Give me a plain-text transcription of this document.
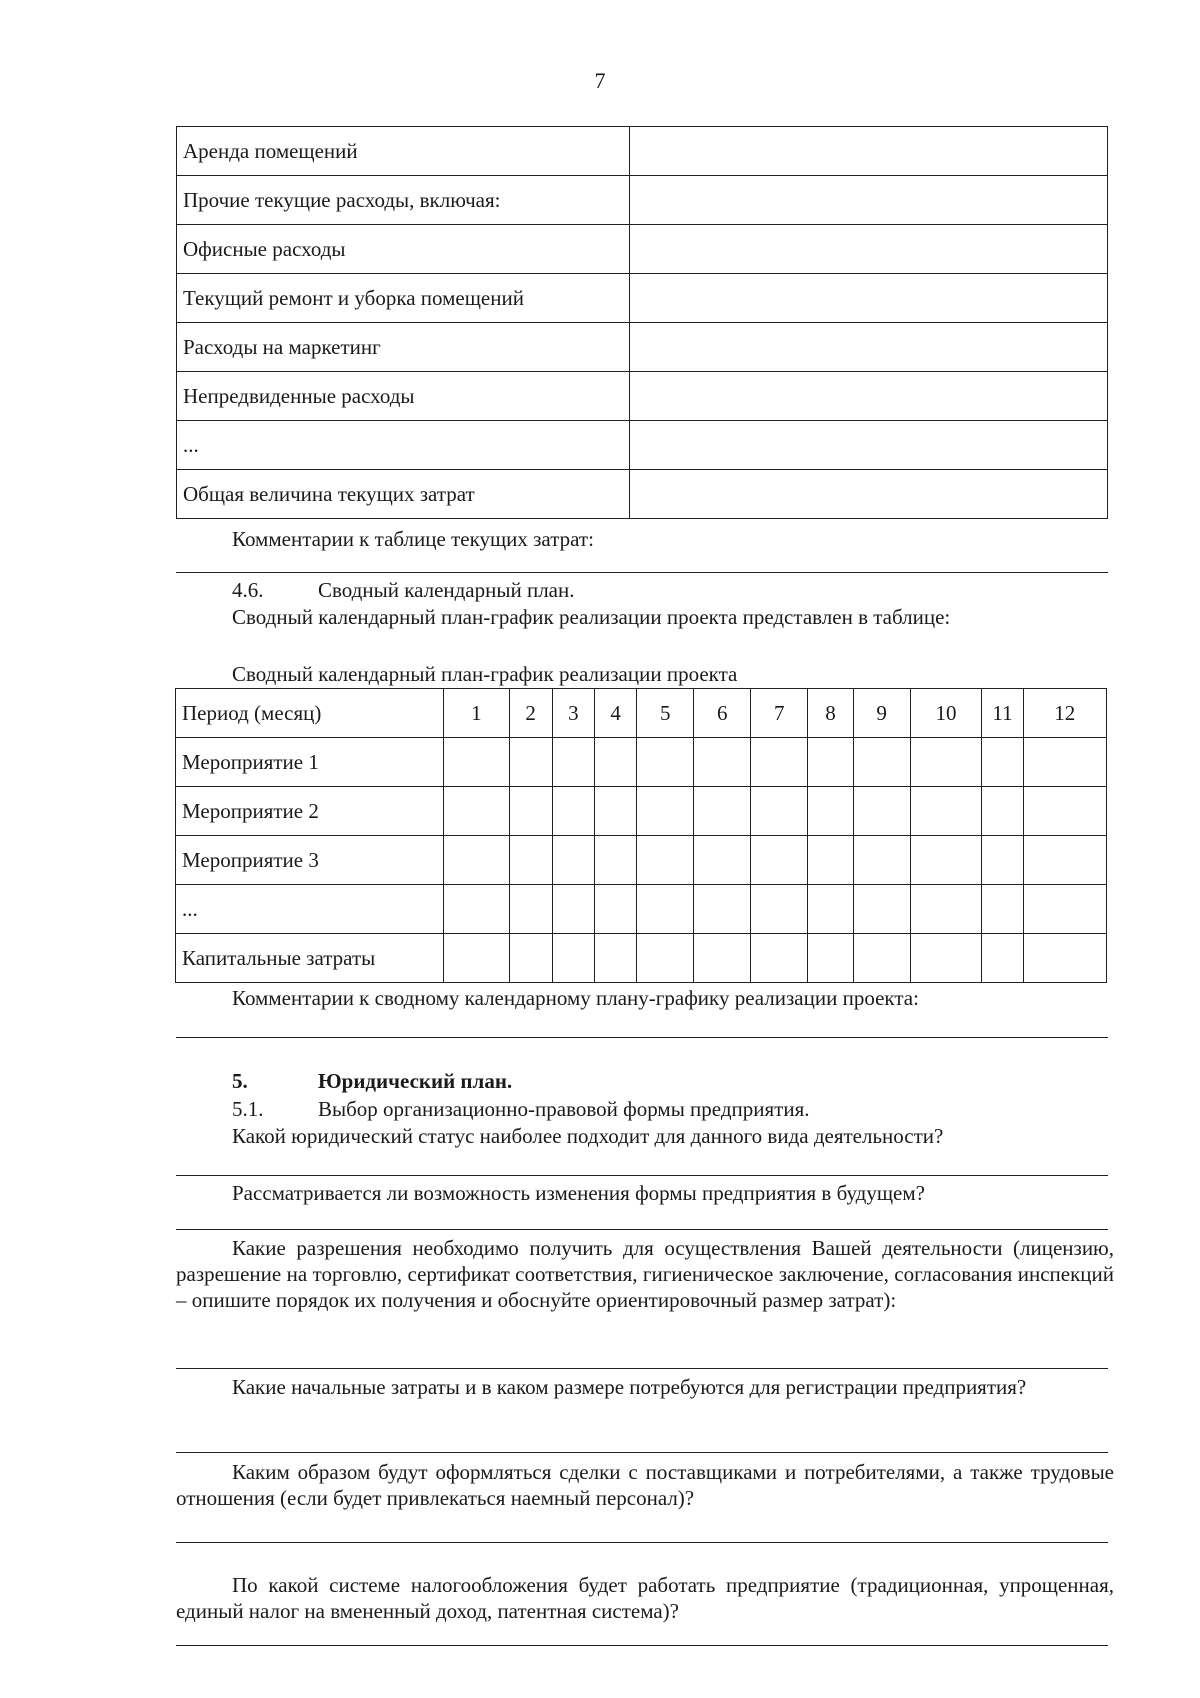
7
Аренда помещений	
Прочие текущие расходы, включая:	
Офисные расходы	
Текущий ремонт и уборка помещений	
Расходы на маркетинг	
Непредвиденные расходы	
...	
Общая величина текущих затрат	
Комментарии к таблице текущих затрат:
4.6.	Сводный календарный план.
Сводный календарный план-график реализации проекта представлен в таблице:
Сводный календарный план-график реализации проекта
Период (месяц)	1	2	3	4	5	6	7	8	9	10	11	12
Мероприятие 1												
Мероприятие 2												
Мероприятие 3												
...												
Капитальные затраты												
Комментарии к сводному календарному плану-графику реализации проекта:
5.	Юридический план.
5.1.	Выбор организационно-правовой формы предприятия.
Какой юридический статус наиболее подходит для данного вида деятельности?
Рассматривается ли возможность изменения формы предприятия в будущем?
Какие разрешения необходимо получить для осуществления Вашей деятельности (лицензию, разрешение на торговлю, сертификат соответствия, гигиеническое заключение, согласования инспекций – опишите порядок их получения и обоснуйте ориентировочный размер затрат):
Какие начальные затраты и в каком размере потребуются для регистрации предприятия?
Каким образом будут оформляться сделки с поставщиками и потребителями, а также трудовые отношения (если будет привлекаться наемный персонал)?
По какой системе налогообложения будет работать предприятие (традиционная, упрощенная, единый налог на вмененный доход, патентная система)?
